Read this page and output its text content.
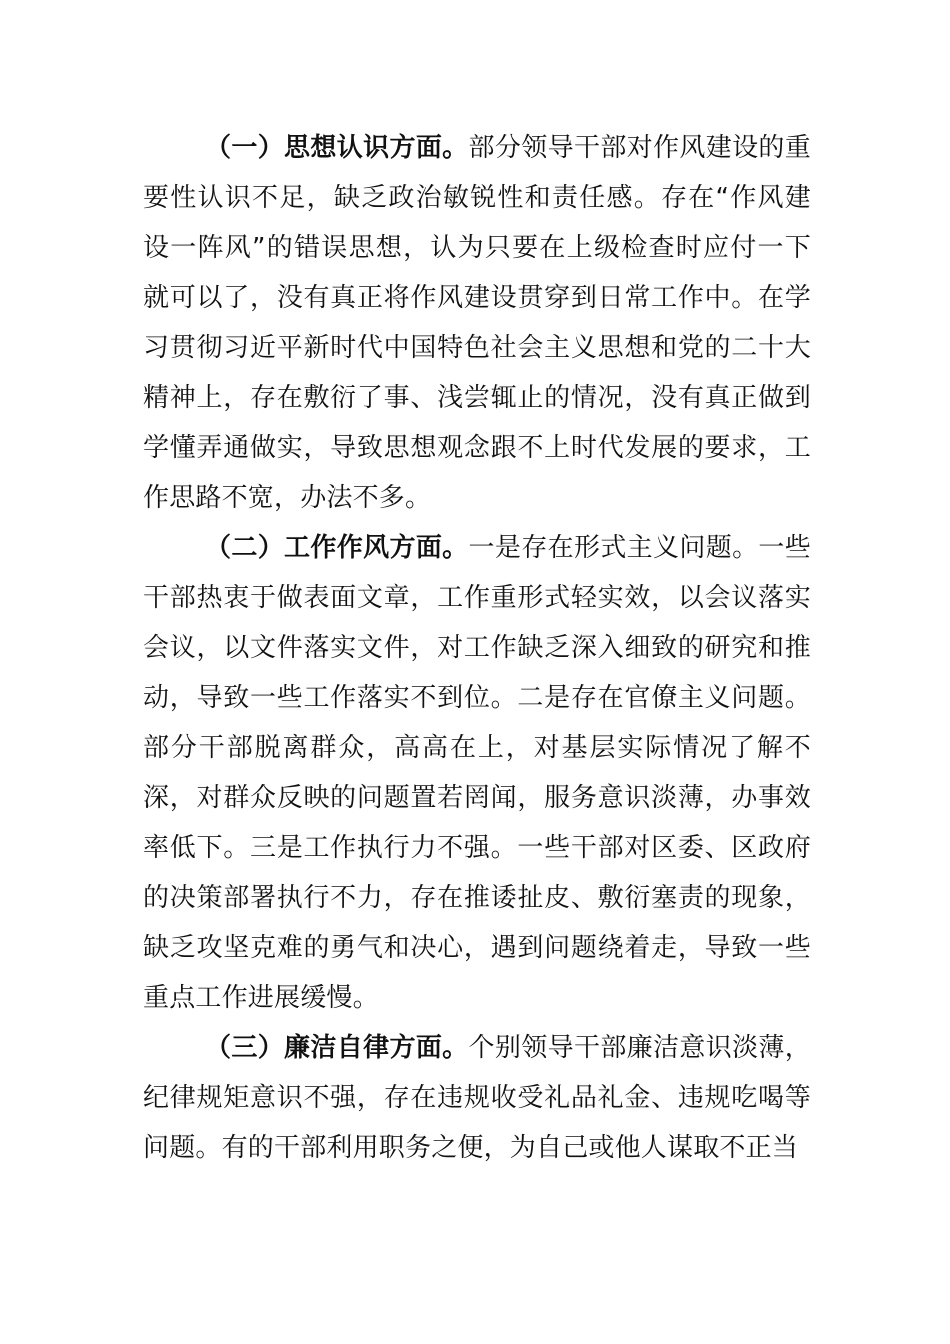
（一）思想认识方面。部分领导干部对作风建设的重要性认识不足，缺乏政治敏锐性和责任感。存在“作风建设一阵风”的错误思想，认为只要在上级检查时应付一下就可以了，没有真正将作风建设贯穿到日常工作中。在学习贯彻习近平新时代中国特色社会主义思想和党的二十大精神上，存在敷衍了事、浅尝辄止的情况，没有真正做到学懂弄通做实，导致思想观念跟不上时代发展的要求，工作思路不宽，办法不多。

（二）工作作风方面。一是存在形式主义问题。一些干部热衷于做表面文章，工作重形式轻实效，以会议落实会议，以文件落实文件，对工作缺乏深入细致的研究和推动，导致一些工作落实不到位。二是存在官僚主义问题。部分干部脱离群众，高高在上，对基层实际情况了解不深，对群众反映的问题置若罔闻，服务意识淡薄，办事效率低下。三是工作执行力不强。一些干部对区委、区政府的决策部署执行不力，存在推诿扯皮、敷衍塞责的现象，缺乏攻坚克难的勇气和决心，遇到问题绕着走，导致一些重点工作进展缓慢。

（三）廉洁自律方面。个别领导干部廉洁意识淡薄，纪律规矩意识不强，存在违规收受礼品礼金、违规吃喝等问题。有的干部利用职务之便，为自己或他人谋取不正当
